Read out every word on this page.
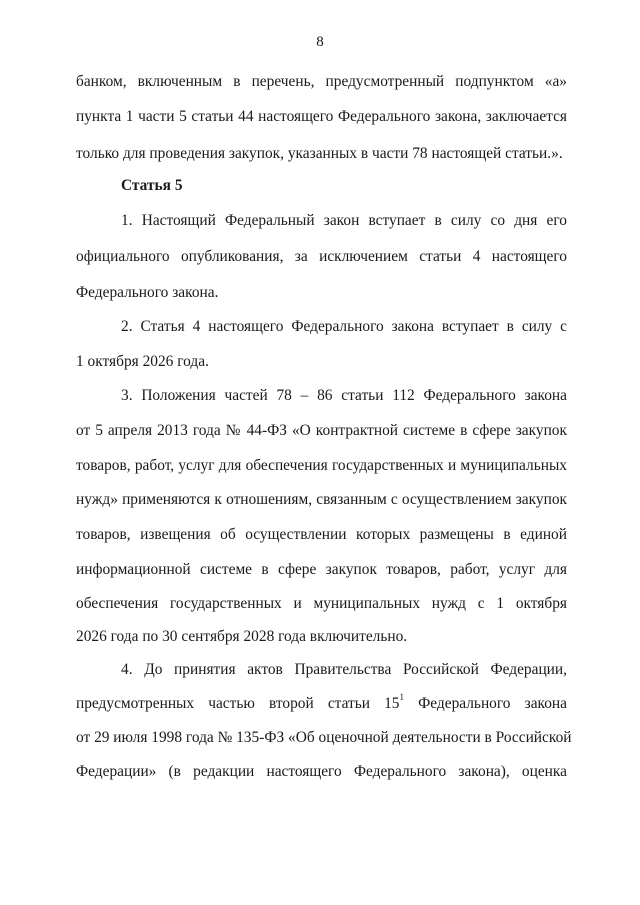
8
банком, включенным в перечень, предусмотренный подпунктом «а»
пункта 1 части 5 статьи 44 настоящего Федерального закона, заключается
только для проведения закупок, указанных в части 78 настоящей статьи.».
Статья 5
1. Настоящий Федеральный закон вступает в силу со дня его
официального опубликования, за исключением статьи 4 настоящего
Федерального закона.
2. Статья 4 настоящего Федерального закона вступает в силу с
1 октября 2026 года.
3. Положения частей 78 – 86 статьи 112 Федерального закона
от 5 апреля 2013 года № 44-ФЗ «О контрактной системе в сфере закупок
товаров, работ, услуг для обеспечения государственных и муниципальных
нужд» применяются к отношениям, связанным с осуществлением закупок
товаров, извещения об осуществлении которых размещены в единой
информационной системе в сфере закупок товаров, работ, услуг для
обеспечения государственных и муниципальных нужд с 1 октября
2026 года по 30 сентября 2028 года включительно.
4. До принятия актов Правительства Российской Федерации,
предусмотренных частью второй статьи $15^1$ Федерального закона
от 29 июля 1998 года № 135-ФЗ «Об оценочной деятельности в Российской
Федерации» (в редакции настоящего Федерального закона), оценка
